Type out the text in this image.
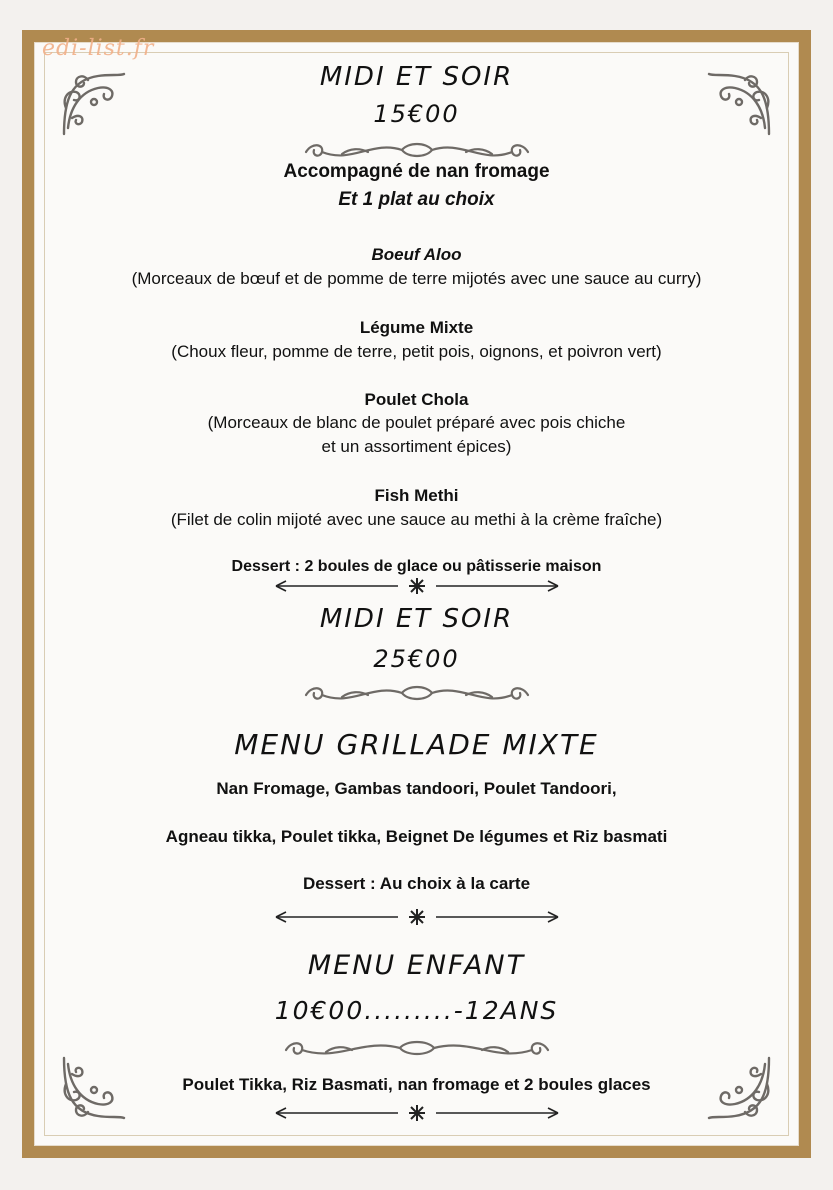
edi-list.fr
MIDI ET SOIR
15€00
Accompagné de nan fromage
Et 1 plat au choix
Boeuf Aloo
(Morceaux de bœuf et de pomme de terre mijotés avec une sauce au curry)
Légume Mixte
(Choux fleur, pomme de terre, petit pois, oignons, et poivron vert)
Poulet Chola
(Morceaux de blanc de poulet préparé avec pois chiche
et un assortiment épices)
Fish Methi
(Filet de colin mijoté avec une sauce au methi à la crème fraîche)
Dessert : 2 boules de glace ou pâtisserie maison
MIDI ET SOIR
25€00
MENU GRILLADE MIXTE
Nan Fromage, Gambas tandoori, Poulet Tandoori,
Agneau tikka, Poulet tikka, Beignet De légumes et Riz basmati
Dessert : Au choix à la carte
MENU ENFANT
10€00.........-12ANS
Poulet Tikka, Riz Basmati, nan fromage et 2 boules glaces
